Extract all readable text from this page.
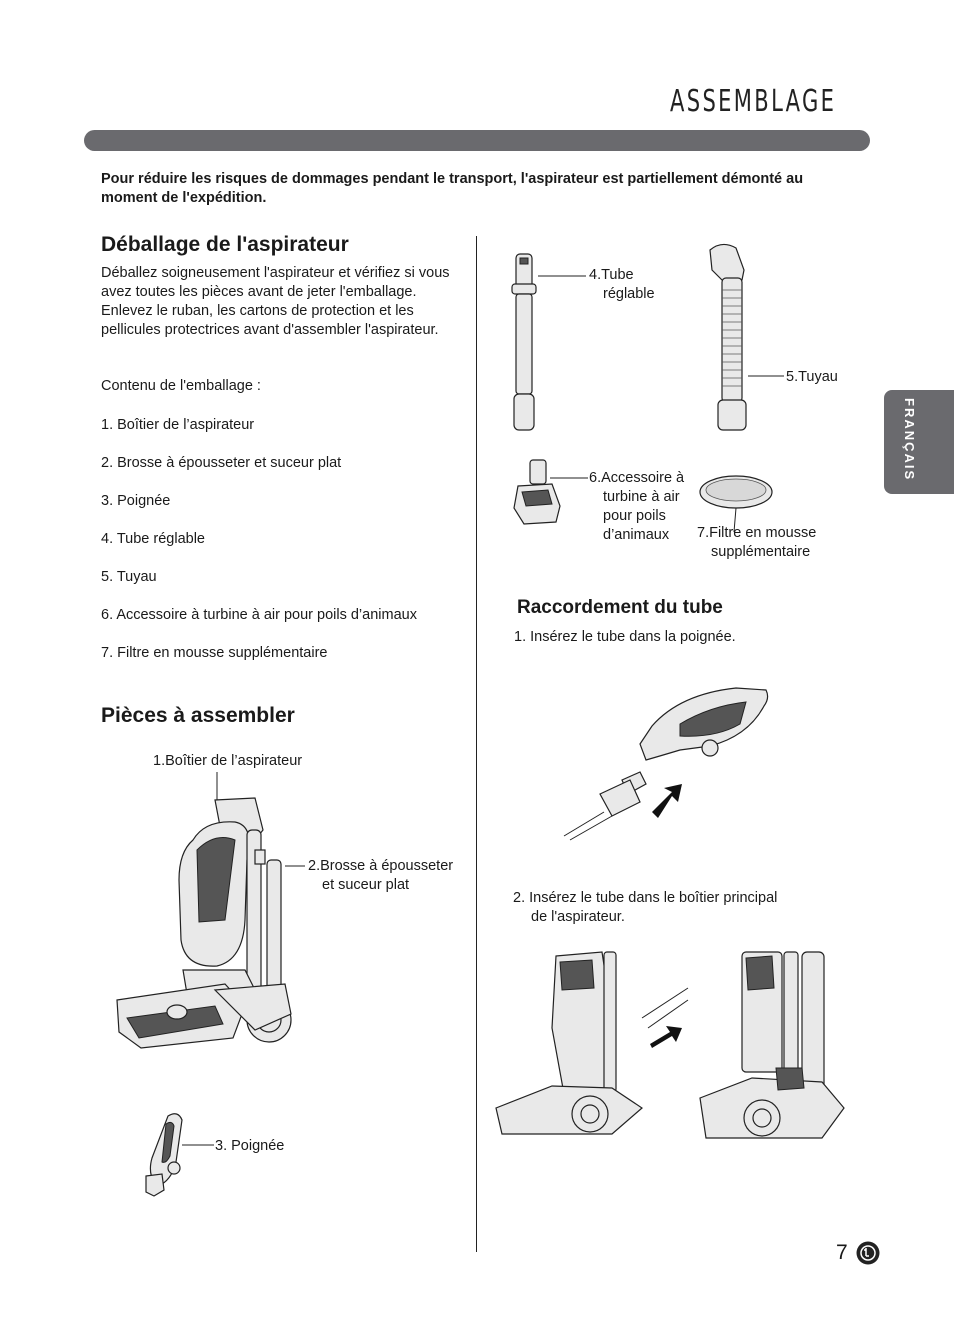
ASSEMBLAGE
Pour réduire les risques de dommages pendant le transport, l'aspirateur est partiellement démonté au moment de l'expédition.
FRANÇAIS
Déballage de l'aspirateur
Déballez soigneusement l'aspirateur et vérifiez si vous avez toutes les pièces avant de jeter l'emballage. Enlevez le ruban, les cartons de protection et les pellicules protectrices avant d'assembler l'aspirateur.
Contenu de l'emballage :
1. Boîtier de l’aspirateur
2. Brosse à épousseter et suceur plat
3. Poignée
4. Tube réglable
5. Tuyau
6. Accessoire à turbine à air pour poils d’animaux
7. Filtre en mousse supplémentaire
Pièces à assembler
1.Boîtier de l’aspirateur
2.Brosse à épousseter
et suceur plat
3. Poignée
4.Tube
réglable
5.Tuyau
6.Accessoire à
turbine à air
pour poils
d’animaux 7.Filtre en mousse
supplémentaire
Raccordement du tube
1. Insérez le tube dans la poignée.
2. Insérez le tube dans le boîtier principal
de l'aspirateur.
7
